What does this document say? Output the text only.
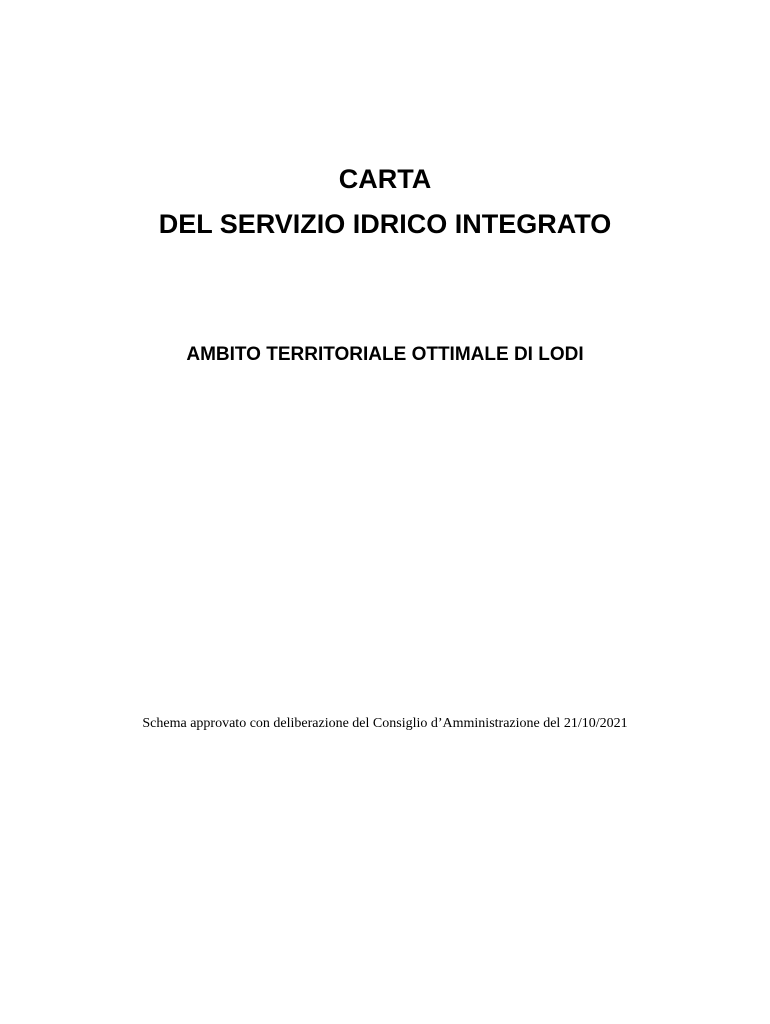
CARTA
DEL SERVIZIO IDRICO INTEGRATO
AMBITO TERRITORIALE OTTIMALE DI LODI

Schema approvato con deliberazione del Consiglio d’Amministrazione del 21/10/2021
